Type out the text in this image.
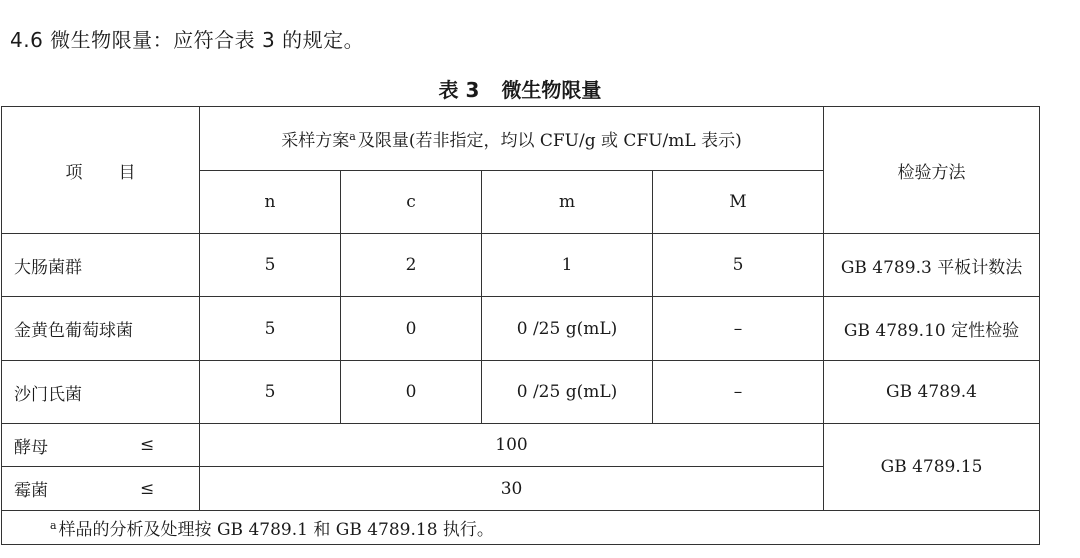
4.6 微生物限量：应符合表 3 的规定。
表 3 微生物限量
项 目	采样方案$^a$ 及限量(若非指定，均以 CFU/g 或 CFU/mL 表示)				检验方法
	n	c	m	M	
大肠菌群	5	2	1	5	GB 4789.3 平板计数法
金黄色葡萄球菌	5	0	0 /25 g(mL)	–	GB 4789.10 定性检验
沙门氏菌	5	0	0 /25 g(mL)	–	GB 4789.4
酵母 ≤	100				GB 4789.15
霉菌 ≤	30				
$^a$ 样品的分析及处理按 GB 4789.1 和 GB 4789.18 执行。					
